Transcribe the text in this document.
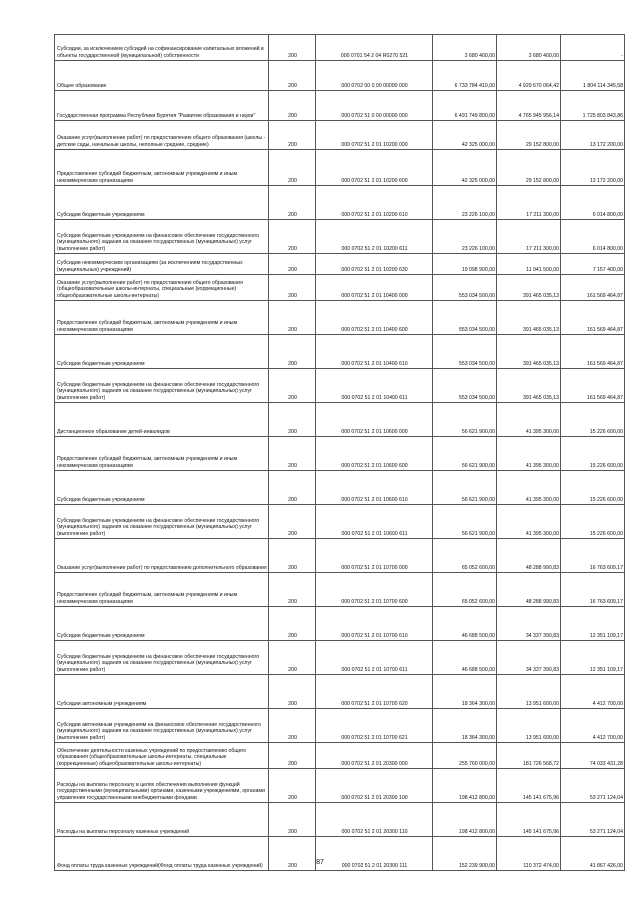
Субсидии, за исключением субсидий на софинансирование капитальных вложений в объекты государственной (муниципальной) собственности	200	000 0701 54 2 04 R0270 521	2 680 400,00	2 680 400,00	-
Общее образование	200	000 0702 00 0 00 00000 000	6 733 784 410,00	4 929 670 064,42	1 804 114 345,58
Государственная программа Республики Бурятия "Развитие образования и науки"	200	000 0702 51 0 00 00000 000	6 491 749 800,00	4 765 945 956,14	1 725 803 843,86
Оказание услуг(выполнение работ) по предоставлению общего образования (школы - детские сады, начальные школы, неполные средние, средние)	200	000 0702 51 2 01 10200 000	42 325 000,00	29 152 800,00	13 172 200,00
Предоставление субсидий бюджетным, автономным учреждениям и иным некоммерческим организациям	200	000 0702 51 2 01 10200 600	42 325 000,00	29 152 800,00	13 172 200,00
Субсидии бюджетным учреждениям	200	000 0702 51 2 01 10200 610	23 226 100,00	17 211 300,00	6 014 800,00
Субсидии бюджетным учреждениям на финансовое обеспечение государственного (муниципального) задания на оказание государственных (муниципальных) услуг (выполнение работ)	200	000 0702 51 2 01 10200 611	23 226 100,00	17 211 300,00	6 014 800,00
Субсидии некоммерческим организациям (за исключением государственных (муниципальных) учреждений)	200	000 0702 51 2 01 10200 630	19 098 900,00	11 941 500,00	7 157 400,00
Оказание услуг(выполнение работ) по предоставлению общего образования (общеобразовательные школы-интернаты, специальные (коррекционные) общеобразовательные школы-интернаты)	200	000 0702 51 2 01 10400 000	553 034 500,00	391 465 035,13	161 569 464,87
Предоставление субсидий бюджетным, автономным учреждениям и иным некоммерческим организациям	200	000 0702 51 2 01 10400 600	553 034 500,00	391 465 035,13	161 569 464,87
Субсидии бюджетным учреждениям	200	000 0702 51 2 01 10400 610	553 034 500,00	391 465 035,13	161 569 464,87
Субсидии бюджетным учреждениям на финансовое обеспечение государственного (муниципального) задания на оказание государственных (муниципальных) услуг (выполнение работ)	200	000 0702 51 2 01 10400 611	553 034 500,00	391 465 035,13	161 569 464,87
Дистанционное образование детей-инвалидов	200	000 0702 51 2 01 10600 000	56 621 900,00	41 395 300,00	15 226 600,00
Предоставление субсидий бюджетным, автономным учреждениям и иным некоммерческим организациям	200	000 0702 51 2 01 10600 600	56 621 900,00	41 395 300,00	15 226 600,00
Субсидии бюджетным учреждениям	200	000 0702 51 2 01 10600 610	56 621 900,00	41 395 300,00	15 226 600,00
Субсидии бюджетным учреждениям на финансовое обеспечение государственного (муниципального) задания на оказание государственных (муниципальных) услуг (выполнение работ)	200	000 0702 51 2 01 10600 611	56 621 900,00	41 395 300,00	15 226 600,00
Оказание услуг(выполнение работ) по предоставлению дополнительного образования	200	000 0702 51 2 01 10700 000	65 052 600,00	48 288 990,83	16 763 609,17
Предоставление субсидий бюджетным, автономным учреждениям и иным некоммерческим организациям	200	000 0702 51 2 01 10700 600	65 052 600,00	48 288 990,83	16 763 609,17
Субсидии бюджетным учреждениям	200	000 0702 51 2 01 10700 610	46 688 500,00	34 337 390,83	12 351 109,17
Субсидии бюджетным учреждениям на финансовое обеспечение государственного (муниципального) задания на оказание государственных (муниципальных) услуг (выполнение работ)	200	000 0702 51 2 01 10700 611	46 688 500,00	34 337 390,83	12 351 109,17
Субсидии автономным учреждениям	200	000 0702 51 2 01 10700 620	18 364 300,00	13 951 600,00	4 412 700,00
Субсидии автономным учреждениям на финансовое обеспечение государственного (муниципального) задания на оказание государственных (муниципальных) услуг (выполнение работ)	200	000 0702 51 2 01 10700 621	18 364 300,00	13 951 600,00	4 412 700,00
Обеспечение деятельности казенных учреждений по предоставлению общего образования (общеобразовательные школы-интернаты, специальные (коррекционные) общеобразовательные школы-интернаты)	200	000 0702 51 2 01 20300 000	255 760 000,00	181 726 568,72	74 033 431,28
Расходы на выплаты персоналу в целях обеспечения выполнения функций государственными (муниципальными) органами, казенными учреждениями, органами управления государственными внебюджетными фондами	200	000 0702 51 2 01 20300 100	198 412 800,00	145 141 675,96	53 271 124,04
Расходы на выплаты персоналу казенных учреждений	200	000 0702 51 2 01 20300 110	198 412 800,00	145 141 675,96	53 271 124,04
Фонд оплаты труда казенных учреждений(Фонд оплаты труда казенных учреждений)	200	000 0702 51 2 01 20300 111	152 239 900,00	110 372 474,00	41 867 426,00
87
